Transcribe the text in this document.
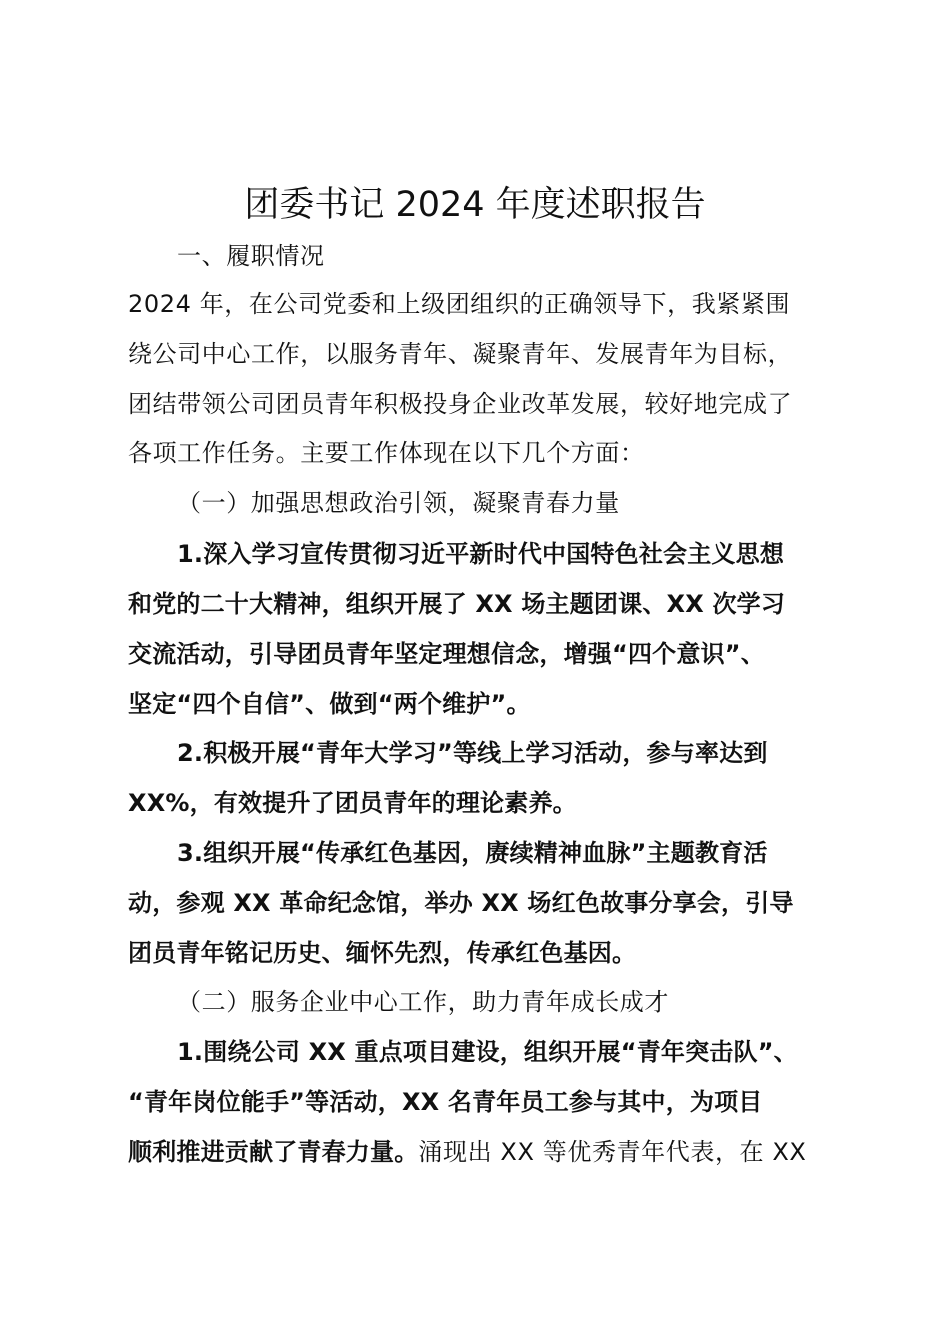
团委书记 2024 年度述职报告
一、履职情况
2024 年，在公司党委和上级团组织的正确领导下，我紧紧围
绕公司中心工作，以服务青年、凝聚青年、发展青年为目标，
团结带领公司团员青年积极投身企业改革发展，较好地完成了
各项工作任务。主要工作体现在以下几个方面：
（一）加强思想政治引领，凝聚青春力量
1.深入学习宣传贯彻习近平新时代中国特色社会主义思想
和党的二十大精神，组织开展了 XX 场主题团课、XX 次学习
交流活动，引导团员青年坚定理想信念，增强“四个意识”、
坚定“四个自信”、做到“两个维护”。
2.积极开展“青年大学习”等线上学习活动，参与率达到
XX%，有效提升了团员青年的理论素养。
3.组织开展“传承红色基因，赓续精神血脉”主题教育活
动，参观 XX 革命纪念馆，举办 XX 场红色故事分享会，引导
团员青年铭记历史、缅怀先烈，传承红色基因。
（二）服务企业中心工作，助力青年成长成才
1.围绕公司 XX 重点项目建设，组织开展“青年突击队”、
“青年岗位能手”等活动，XX 名青年员工参与其中，为项目
顺利推进贡献了青春力量。涌现出 XX 等优秀青年代表，在 XX
